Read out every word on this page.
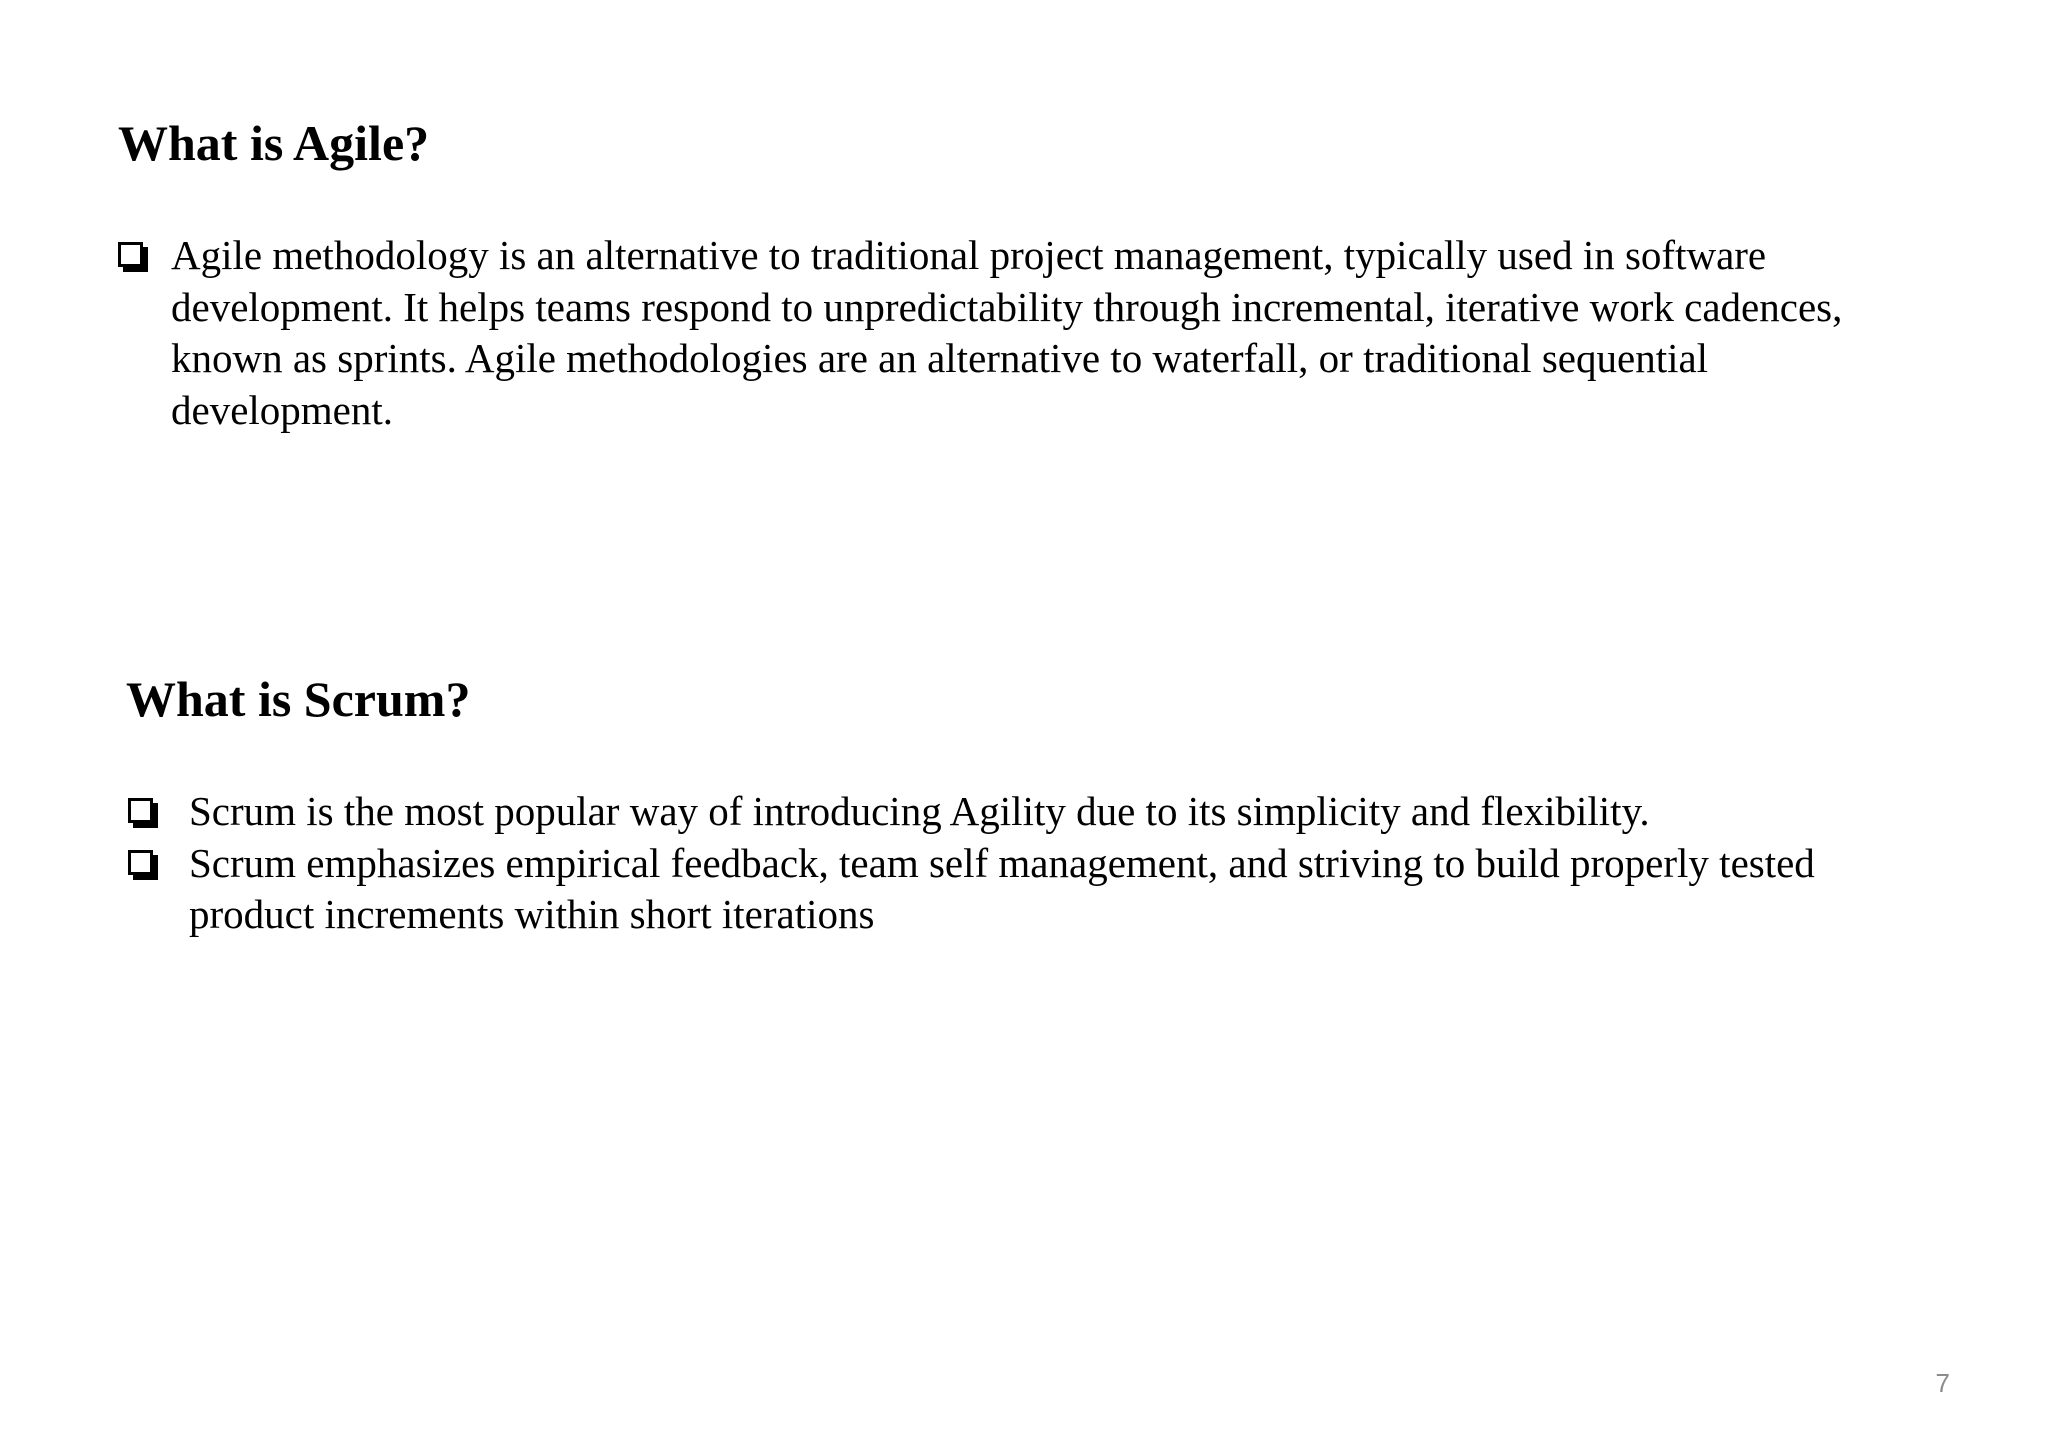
What is Agile?
Agile methodology is an alternative to traditional project management, typically used in software development. It helps teams respond to unpredictability through incremental, iterative work cadences, known as sprints. Agile methodologies are an alternative to waterfall, or traditional sequential development.
What is Scrum?
Scrum is the most popular way of introducing Agility due to its simplicity and flexibility.
Scrum emphasizes empirical feedback, team self management, and striving to build properly tested product increments within short iterations
7
